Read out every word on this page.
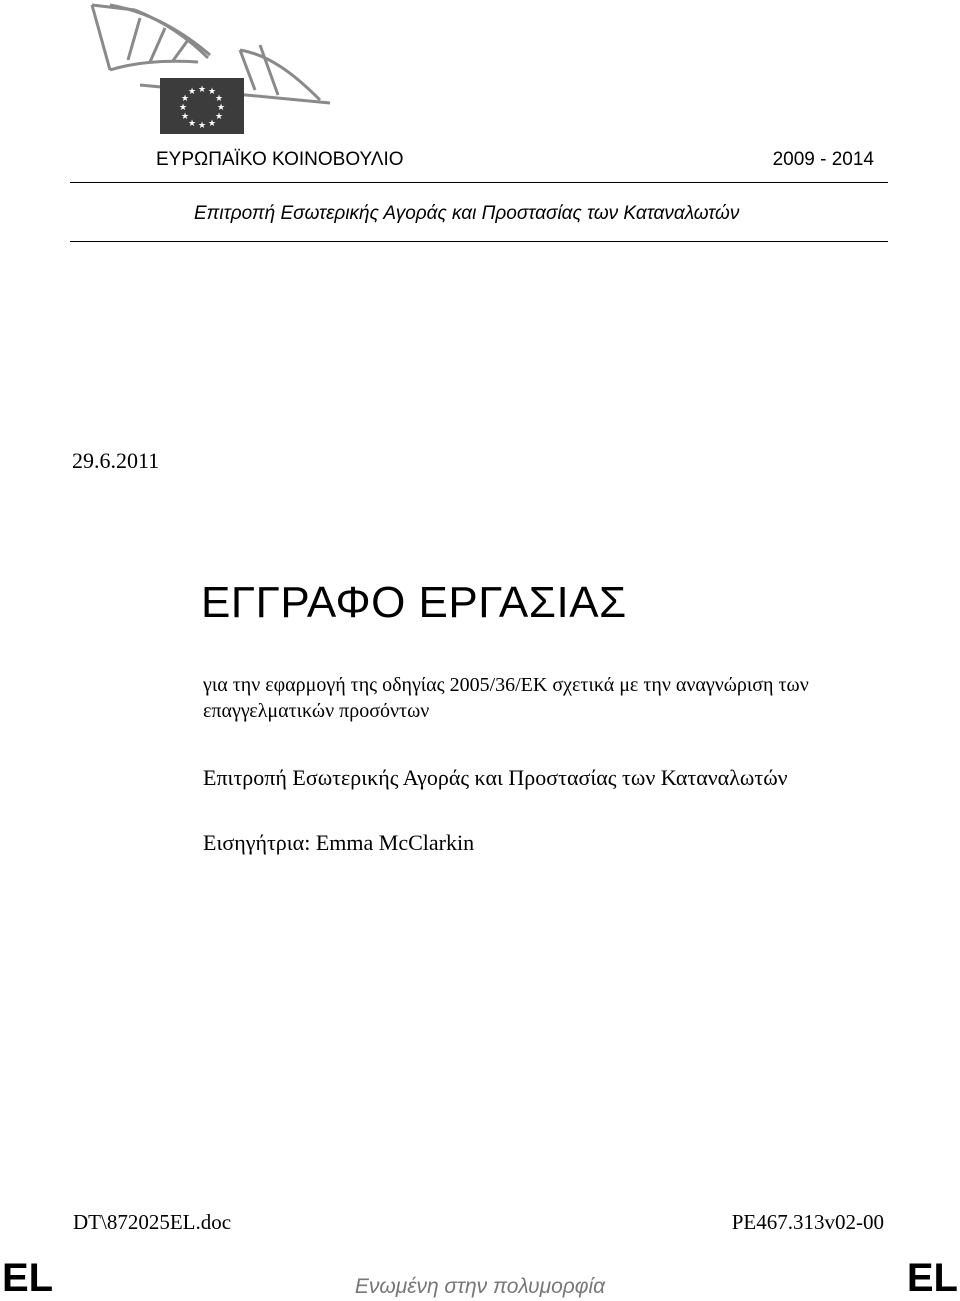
★ ★
★
★
★
★
★
★
★
★
★
★
ΕΥΡΩΠΑΪΚΟ ΚΟΙΝΟΒΟΥΛΙΟ	2009 - 2014
Επιτροπή Εσωτερικής Αγοράς και Προστασίας των Καταναλωτών
29.6.2011
ΕΓΓΡΑΦΟ ΕΡΓΑΣΙΑΣ
για την εφαρμογή της οδηγίας 2005/36/ΕΚ σχετικά με την αναγνώριση των επαγγελματικών προσόντων
Επιτροπή Εσωτερικής Αγοράς και Προστασίας των Καταναλωτών
Εισηγήτρια: Emma McClarkin
DT\872025EL.doc	PE467.313v02-00
EL	Ενωμένη στην πολυμορφία	EL
